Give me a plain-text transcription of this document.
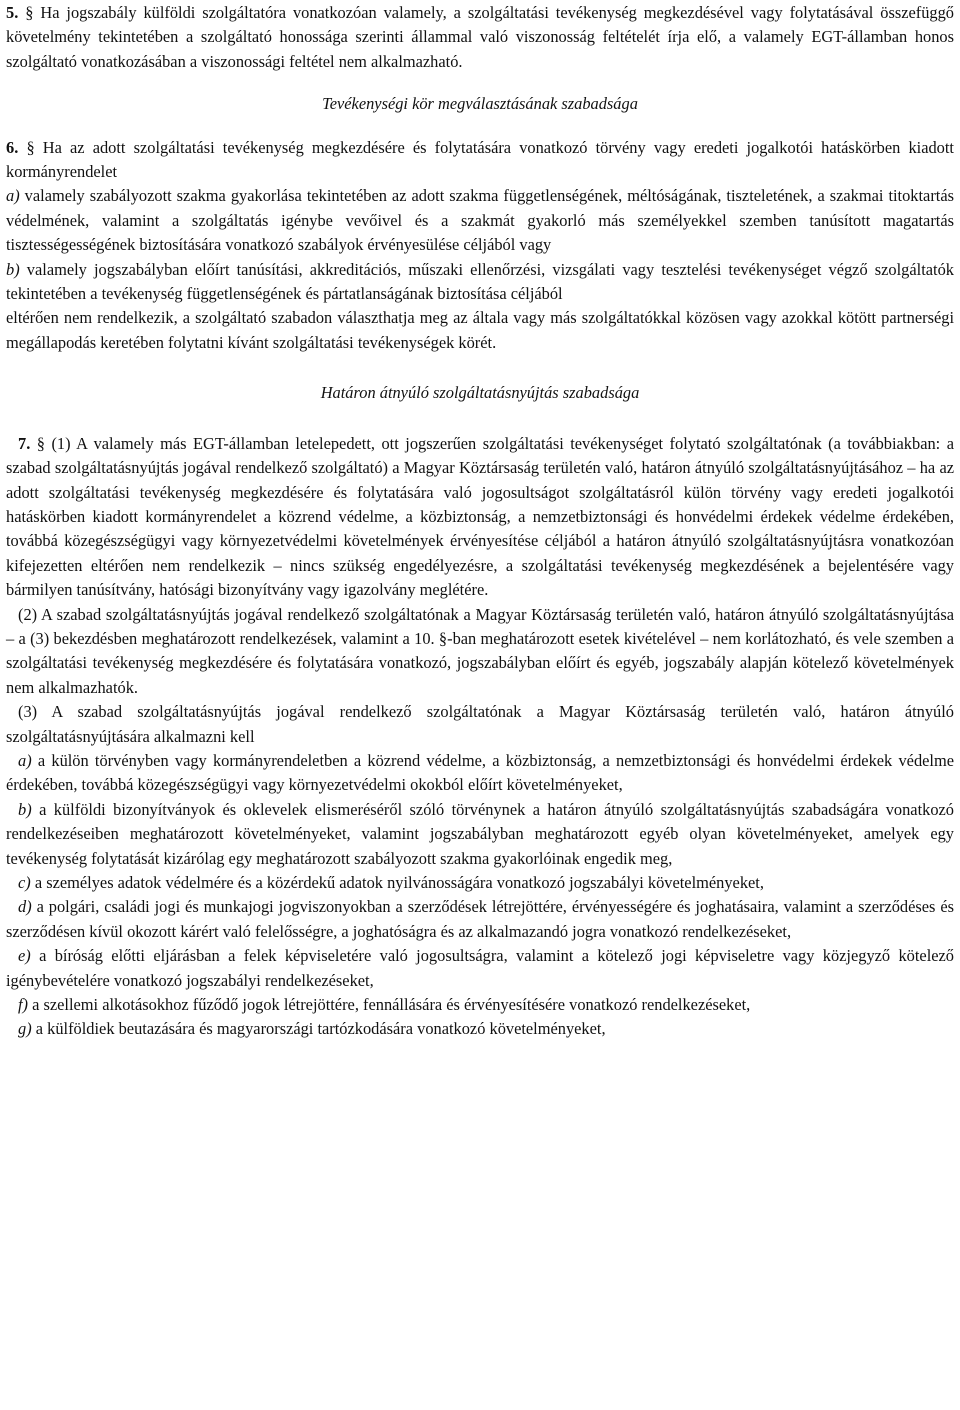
5. § Ha jogszabály külföldi szolgáltatóra vonatkozóan valamely, a szolgáltatási tevékenység megkezdésével vagy folytatásával összefüggő követelmény tekintetében a szolgáltató honossága szerinti állammal való viszonosság feltételét írja elő, a valamely EGT-államban honos szolgáltató vonatkozásában a viszonossági feltétel nem alkalmazható.

Tevékenységi kör megválasztásának szabadsága

6. § Ha az adott szolgáltatási tevékenység megkezdésére és folytatására vonatkozó törvény vagy eredeti jogalkotói hatáskörben kiadott kormányrendelet

a) valamely szabályozott szakma gyakorlása tekintetében az adott szakma függetlenségének, méltóságának, tiszteletének, a szakmai titoktartás védelmének, valamint a szolgáltatás igénybe vevőivel és a szakmát gyakorló más személyekkel szemben tanúsított magatartás tisztességességének biztosítására vonatkozó szabályok érvényesülése céljából vagy

b) valamely jogszabályban előírt tanúsítási, akkreditációs, műszaki ellenőrzési, vizsgálati vagy tesztelési tevékenységet végző szolgáltatók tekintetében a tevékenység függetlenségének és pártatlanságának biztosítása céljából

eltérően nem rendelkezik, a szolgáltató szabadon választhatja meg az általa vagy más szolgáltatókkal közösen vagy azokkal kötött partnerségi megállapodás keretében folytatni kívánt szolgáltatási tevékenységek körét.

Határon átnyúló szolgáltatásnyújtás szabadsága

7. § (1) A valamely más EGT-államban letelepedett, ott jogszerűen szolgáltatási tevékenységet folytató szolgáltatónak (a továbbiakban: a szabad szolgáltatásnyújtás jogával rendelkező szolgáltató) a Magyar Köztársaság területén való, határon átnyúló szolgáltatásnyújtásához – ha az adott szolgáltatási tevékenység megkezdésére és folytatására való jogosultságot szolgáltatásról külön törvény vagy eredeti jogalkotói hatáskörben kiadott kormányrendelet a közrend védelme, a közbiztonság, a nemzetbiztonsági és honvédelmi érdekek védelme érdekében, továbbá közegészségügyi vagy környezetvédelmi követelmények érvényesítése céljából a határon átnyúló szolgáltatásnyújtásra vonatkozóan kifejezetten eltérően nem rendelkezik – nincs szükség engedélyezésre, a szolgáltatási tevékenység megkezdésének a bejelentésére vagy bármilyen tanúsítvány, hatósági bizonyítvány vagy igazolvány meglétére.

(2) A szabad szolgáltatásnyújtás jogával rendelkező szolgáltatónak a Magyar Köztársaság területén való, határon átnyúló szolgáltatásnyújtása – a (3) bekezdésben meghatározott rendelkezések, valamint a 10. §-ban meghatározott esetek kivételével – nem korlátozható, és vele szemben a szolgáltatási tevékenység megkezdésére és folytatására vonatkozó, jogszabályban előírt és egyéb, jogszabály alapján kötelező követelmények nem alkalmazhatók.

(3) A szabad szolgáltatásnyújtás jogával rendelkező szolgáltatónak a Magyar Köztársaság területén való, határon átnyúló szolgáltatásnyújtására alkalmazni kell

a) a külön törvényben vagy kormányrendeletben a közrend védelme, a közbiztonság, a nemzetbiztonsági és honvédelmi érdekek védelme érdekében, továbbá közegészségügyi vagy környezetvédelmi okokból előírt követelményeket,

b) a külföldi bizonyítványok és oklevelek elismeréséről szóló törvénynek a határon átnyúló szolgáltatásnyújtás szabadságára vonatkozó rendelkezéseiben meghatározott követelményeket, valamint jogszabályban meghatározott egyéb olyan követelményeket, amelyek egy tevékenység folytatását kizárólag egy meghatározott szabályozott szakma gyakorlóinak engedik meg,

c) a személyes adatok védelmére és a közérdekű adatok nyilvánosságára vonatkozó jogszabályi követelményeket,

d) a polgári, családi jogi és munkajogi jogviszonyokban a szerződések létrejöttére, érvényességére és joghatásaira, valamint a szerződéses és szerződésen kívül okozott kárért való felelősségre, a joghatóságra és az alkalmazandó jogra vonatkozó rendelkezéseket,

e) a bíróság előtti eljárásban a felek képviseletére való jogosultságra, valamint a kötelező jogi képviseletre vagy közjegyző kötelező igénybevételére vonatkozó jogszabályi rendelkezéseket,

f) a szellemi alkotásokhoz fűződő jogok létrejöttére, fennállására és érvényesítésére vonatkozó rendelkezéseket,

g) a külföldiek beutazására és magyarországi tartózkodására vonatkozó követelményeket,
